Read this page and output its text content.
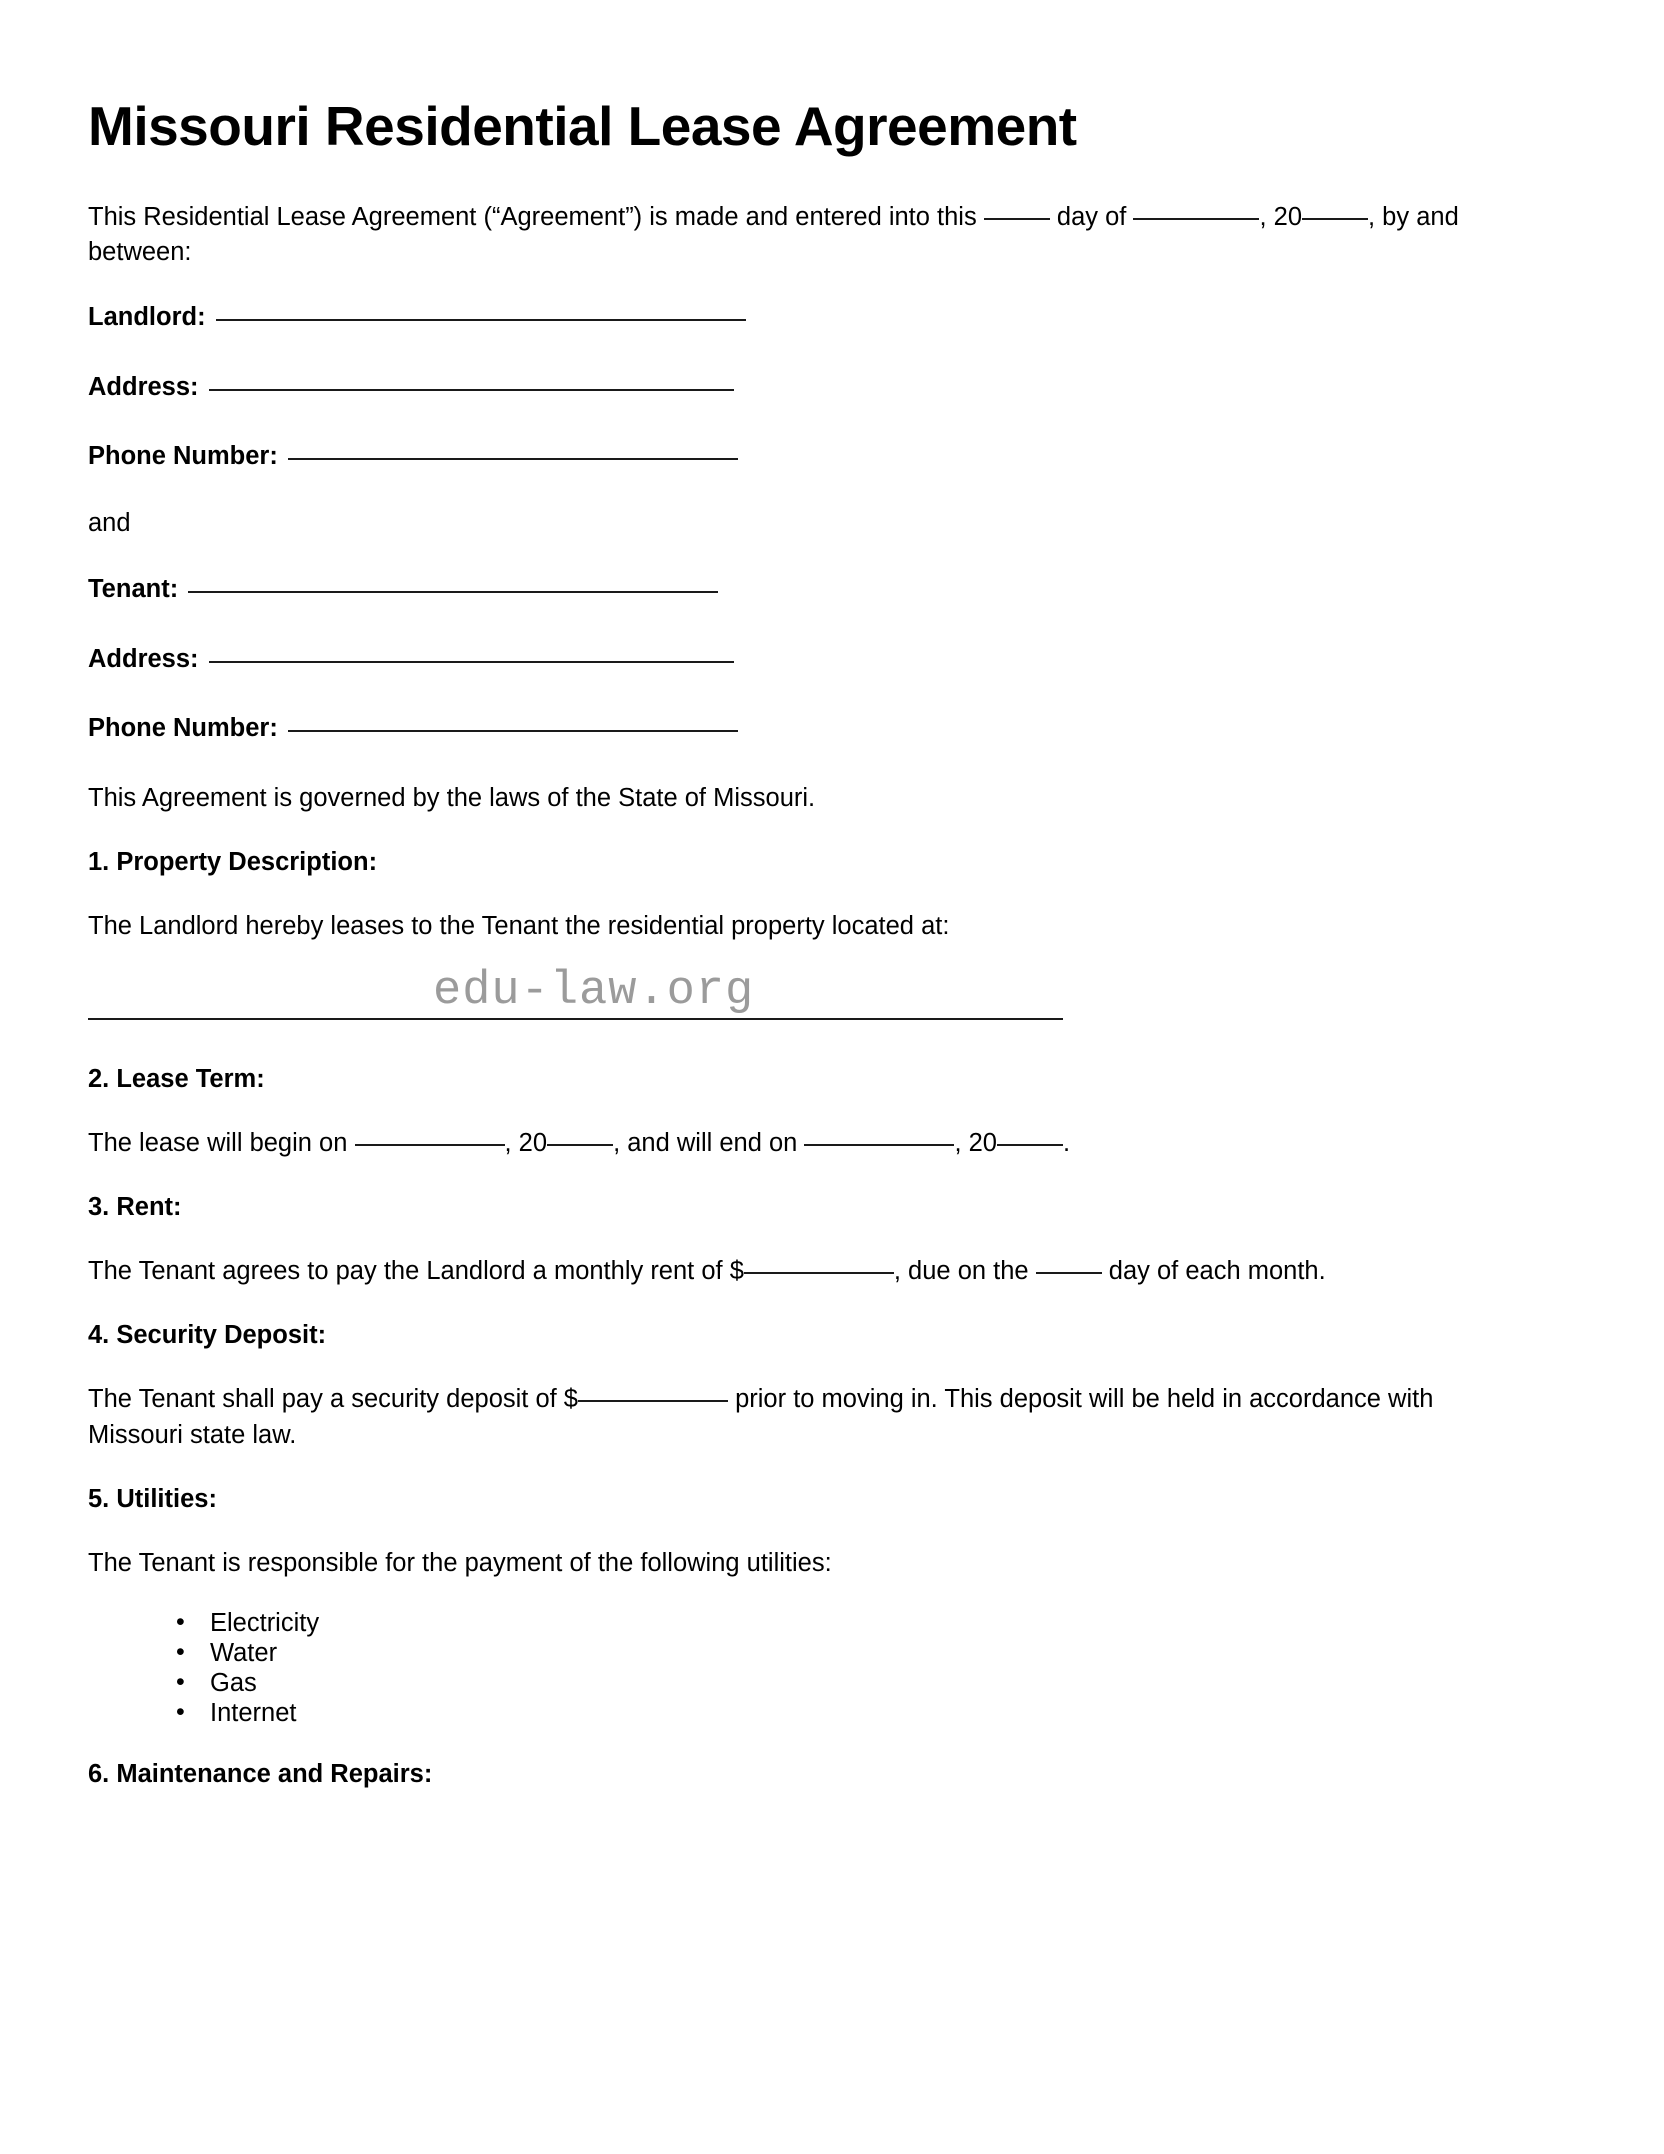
Missouri Residential Lease Agreement

This Residential Lease Agreement (“Agreement”) is made and entered into this	day of	, 20	, by and between:

Landlord:
Address:
Phone Number:

and

Tenant:
Address:
Phone Number:

This Agreement is governed by the laws of the State of Missouri.

1. Property Description:

The Landlord hereby leases to the Tenant the residential property located at:

edu-law.org
2. Lease Term:

The lease will begin on	, 20	, and will end on	, 20	.

3. Rent:

The Tenant agrees to pay the Landlord a monthly rent of $	, due on the	day of each month.

4. Security Deposit:

The Tenant shall pay a security deposit of $	prior to moving in. This deposit will be held in accordance with Missouri state law.

5. Utilities:

The Tenant is responsible for the payment of the following utilities:

• Electricity
• Water
• Gas
• Internet
6. Maintenance and Repairs:
